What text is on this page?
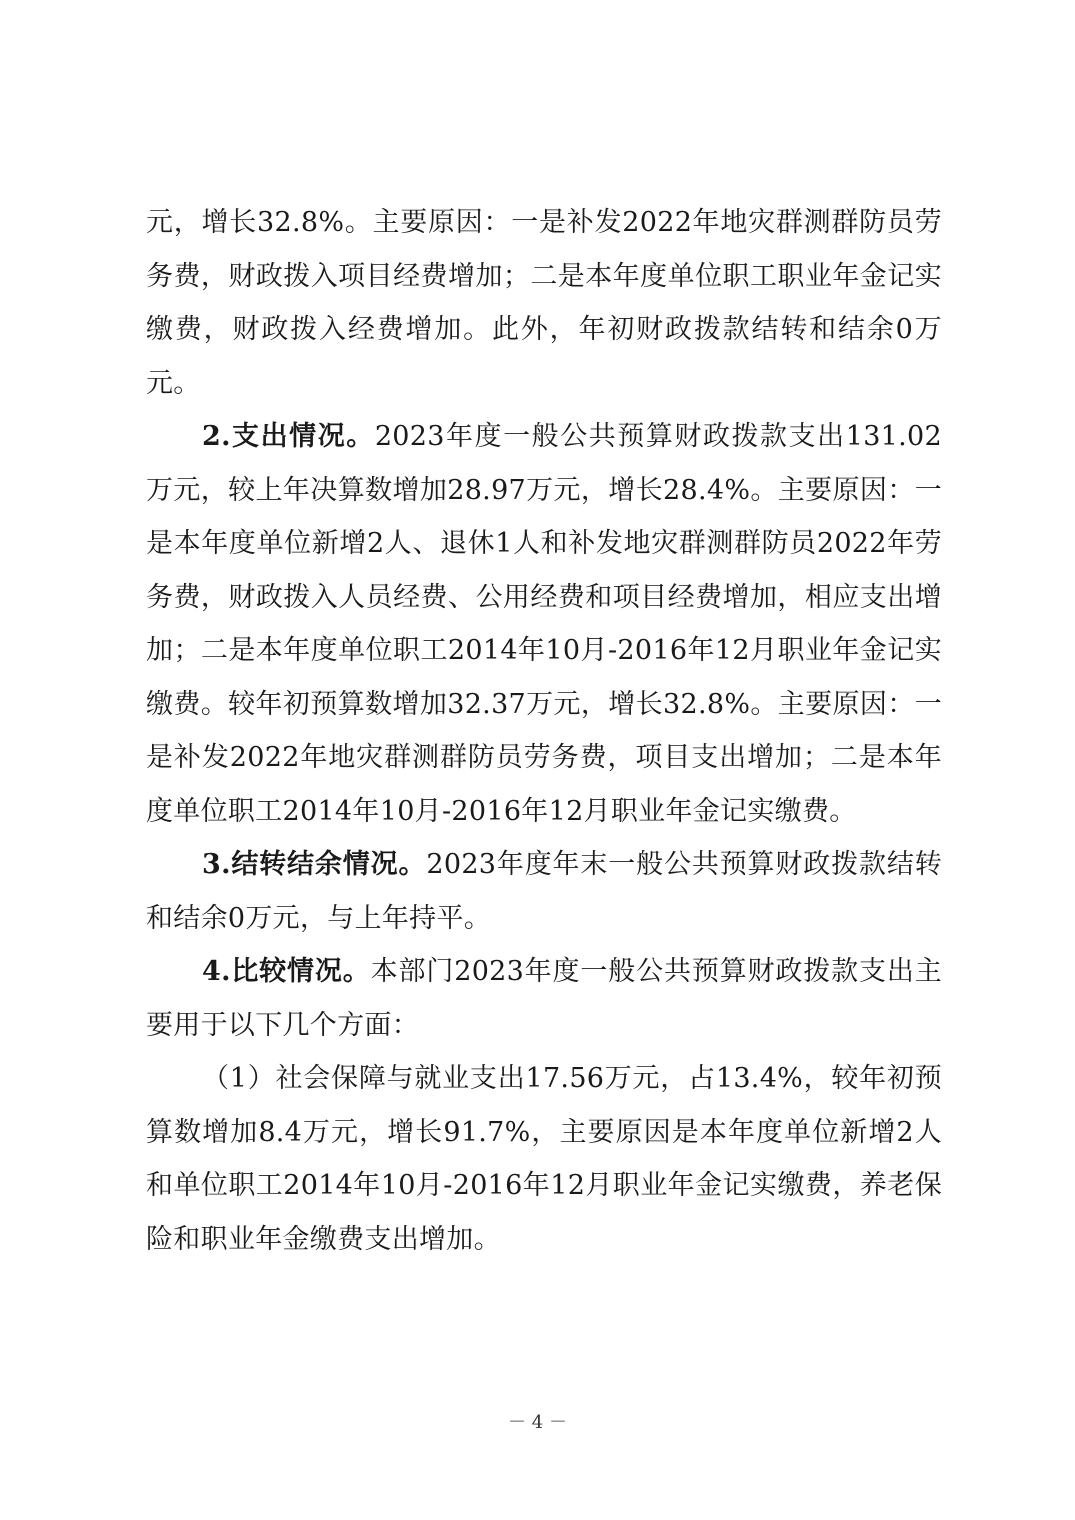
元，增长32.8%。主要原因：一是补发2022年地灾群测群防员劳务费，财政拨入项目经费增加；二是本年度单位职工职业年金记实缴费，财政拨入经费增加。此外，年初财政拨款结转和结余0万元。

2.支出情况。2023年度一般公共预算财政拨款支出131.02万元，较上年决算数增加28.97万元，增长28.4%。主要原因：一是本年度单位新增2人、退休1人和补发地灾群测群防员2022年劳务费，财政拨入人员经费、公用经费和项目经费增加，相应支出增加；二是本年度单位职工2014年10月-2016年12月职业年金记实缴费。较年初预算数增加32.37万元，增长32.8%。主要原因：一是补发2022年地灾群测群防员劳务费，项目支出增加；二是本年度单位职工2014年10月-2016年12月职业年金记实缴费。

3.结转结余情况。2023年度年末一般公共预算财政拨款结转和结余0万元，与上年持平。

4.比较情况。本部门2023年度一般公共预算财政拨款支出主要用于以下几个方面：

（1）社会保障与就业支出17.56万元，占13.4%，较年初预算数增加8.4万元，增长91.7%，主要原因是本年度单位新增2人和单位职工2014年10月-2016年12月职业年金记实缴费，养老保险和职业年金缴费支出增加。

－ 4 －
